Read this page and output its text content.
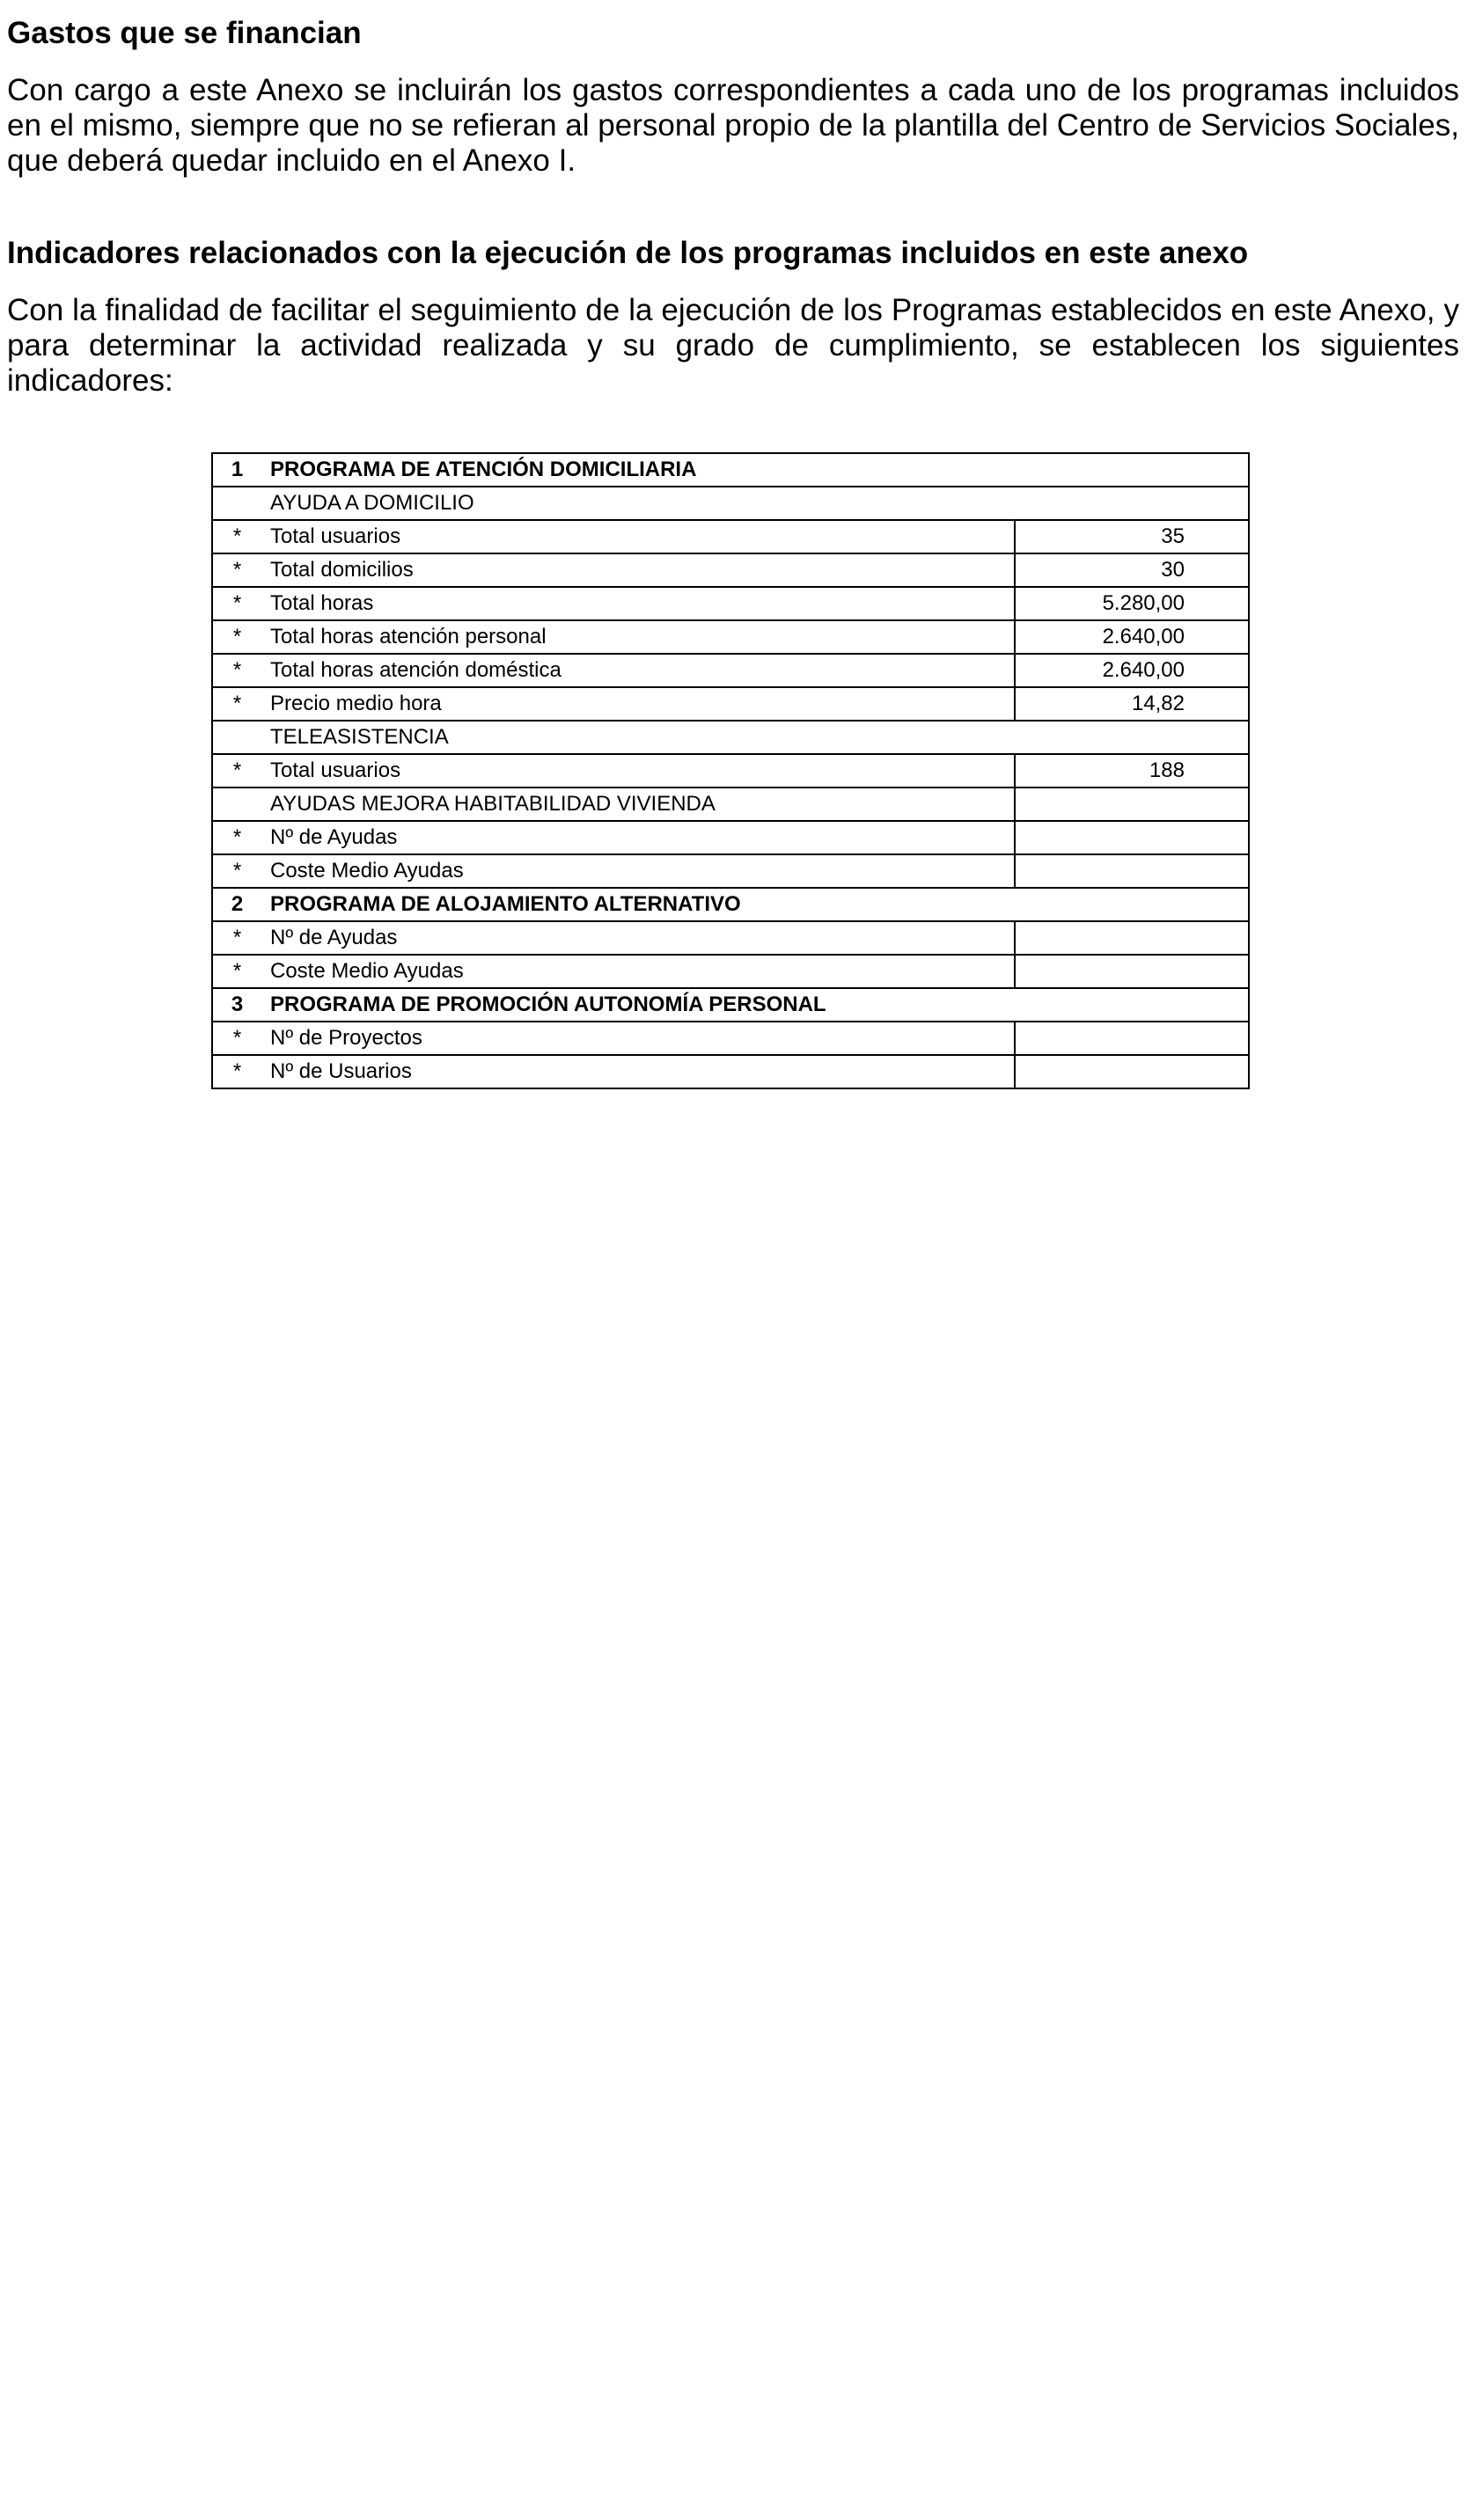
Gastos que se financian

Con cargo a este Anexo se incluirán los gastos correspondientes a cada uno de los programas incluidos en el mismo, siempre que no se refieran al personal propio de la plantilla del Centro de Servicios Sociales, que deberá quedar incluido en el Anexo I.

Indicadores relacionados con la ejecución de los programas incluidos en este anexo

Con la finalidad de facilitar el seguimiento de la ejecución de los Programas establecidos en este Anexo, y para determinar la actividad realizada y su grado de cumplimiento, se establecen los siguientes indicadores:

1	PROGRAMA DE ATENCIÓN DOMICILIARIA	
	AYUDA A DOMICILIO	
*	Total usuarios	35
*	Total domicilios	30
*	Total horas	5.280,00
*	Total horas atención personal	2.640,00
*	Total horas atención doméstica	2.640,00
*	Precio medio hora	14,82
	TELEASISTENCIA	
*	Total usuarios	188
	AYUDAS MEJORA HABITABILIDAD VIVIENDA	
*	Nº de Ayudas	
*	Coste Medio Ayudas	
2	PROGRAMA DE ALOJAMIENTO ALTERNATIVO	
*	Nº de Ayudas	
*	Coste Medio Ayudas	
3	PROGRAMA DE PROMOCIÓN AUTONOMÍA PERSONAL	
*	Nº de Proyectos	
*	Nº de Usuarios	
